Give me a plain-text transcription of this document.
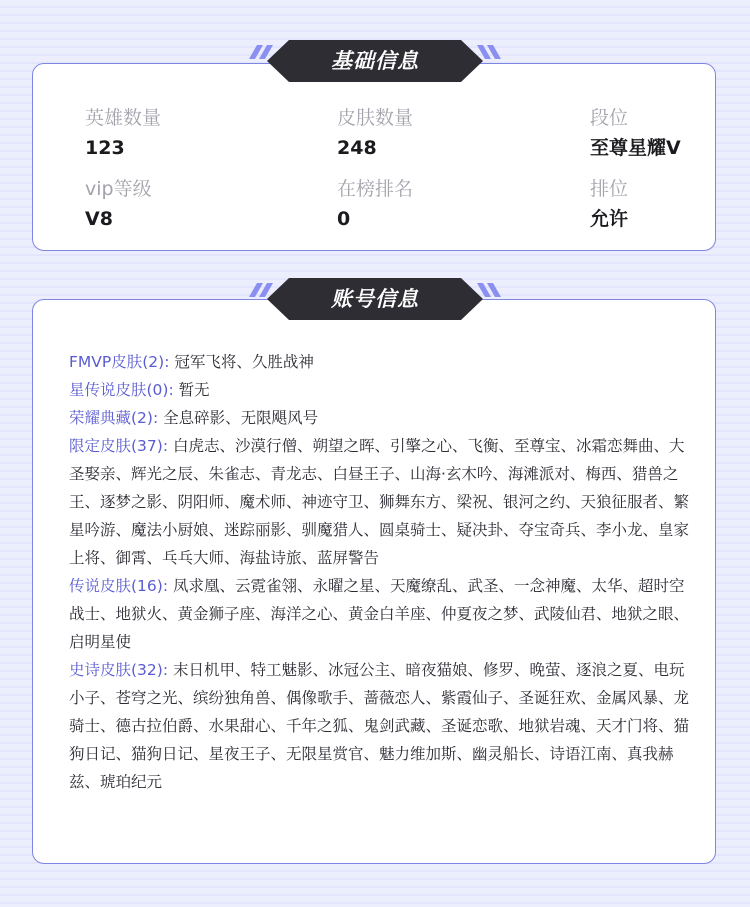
英雄数量
123
皮肤数量
248
段位
至尊星耀V
vip等级
V8
在榜排名
0
排位
允许

FMVP皮肤(2): 冠军飞将、久胜战神

星传说皮肤(0): 暂无

荣耀典藏(2): 全息碎影、无限飓风号

限定皮肤(37): 白虎志、沙漠行僧、朔望之晖、引擎之心、飞衡、至尊宝、冰霜恋舞曲、大圣娶亲、辉光之辰、朱雀志、青龙志、白昼王子、山海·玄木吟、海滩派对、梅西、猎兽之王、逐梦之影、阴阳师、魔术师、神迹守卫、狮舞东方、梁祝、银河之约、天狼征服者、繁星吟游、魔法小厨娘、迷踪丽影、驯魔猎人、圆桌骑士、疑决卦、夺宝奇兵、李小龙、皇家上将、御霄、乓乓大师、海盐诗旅、蓝屏警告

传说皮肤(16): 凤求凰、云霓雀翎、永曜之星、天魔缭乱、武圣、一念神魔、太华、超时空战士、地狱火、黄金狮子座、海洋之心、黄金白羊座、仲夏夜之梦、武陵仙君、地狱之眼、启明星使

史诗皮肤(32): 末日机甲、特工魅影、冰冠公主、暗夜猫娘、修罗、晚萤、逐浪之夏、电玩小子、苍穹之光、缤纷独角兽、偶像歌手、蔷薇恋人、紫霞仙子、圣诞狂欢、金属风暴、龙骑士、德古拉伯爵、水果甜心、千年之狐、鬼剑武藏、圣诞恋歌、地狱岩魂、天才门将、猫狗日记、猫狗日记、星夜王子、无限星赏官、魅力维加斯、幽灵船长、诗语江南、真我赫兹、琥珀纪元

基础信息
账号信息
